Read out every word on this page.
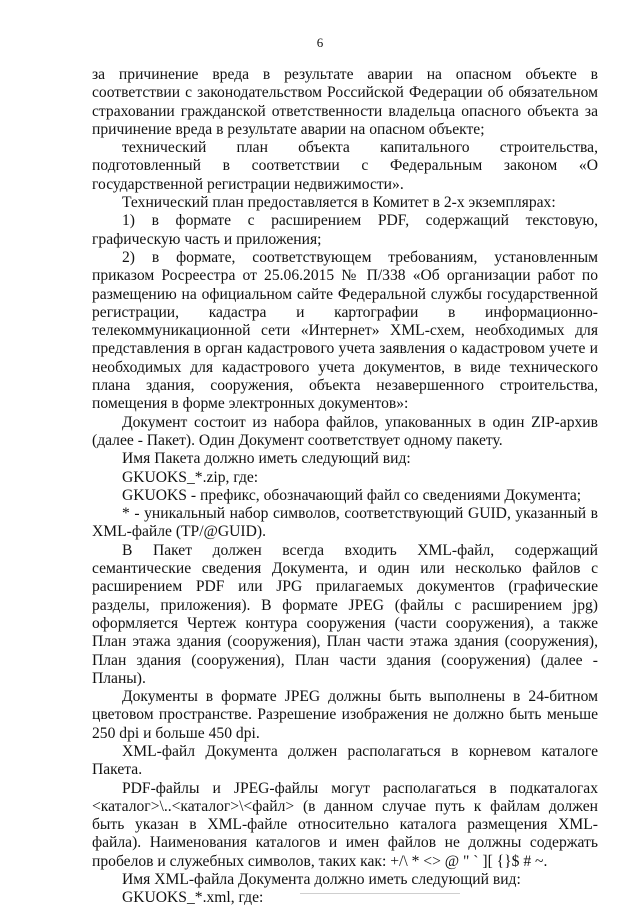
6

за причинение вреда в результате аварии на опасном объекте в соответствии с законодательством Российской Федерации об обязательном страховании гражданской ответственности владельца опасного объекта за причинение вреда в результате аварии на опасном объекте;

технический план объекта капитального строительства, подготовленный в соответствии с Федеральным законом «О государственной регистрации недвижимости».

Технический план предоставляется в Комитет в 2-х экземплярах:

1) в формате с расширением PDF, содержащий текстовую, графическую часть и приложения;

2) в формате, соответствующем требованиям, установленным приказом Росреестра от 25.06.2015 № П/338 «Об организации работ по размещению на официальном сайте Федеральной службы государственной регистрации, кадастра и картографии в информационно-телекоммуникационной сети «Интернет» XML-схем, необходимых для представления в орган кадастрового учета заявления о кадастровом учете и необходимых для кадастрового учета документов, в виде технического плана здания, сооружения, объекта незавершенного строительства, помещения в форме электронных документов»:

Документ состоит из набора файлов, упакованных в один ZIP-архив (далее - Пакет). Один Документ соответствует одному пакету.

Имя Пакета должно иметь следующий вид:

GKUOKS_*.zip, где:

GKUOKS - префикс, обозначающий файл со сведениями Документа;

* - уникальный набор символов, соответствующий GUID, указанный в XML-файле (TP/@GUID).

В Пакет должен всегда входить XML-файл, содержащий семантические сведения Документа, и один или несколько файлов с расширением PDF или JPG прилагаемых документов (графические разделы, приложения). В формате JPEG (файлы с расширением jpg) оформляется Чертеж контура сооружения (части сооружения), а также План этажа здания (сооружения), План части этажа здания (сооружения), План здания (сооружения), План части здания (сооружения) (далее - Планы).

Документы в формате JPEG должны быть выполнены в 24-битном цветовом пространстве. Разрешение изображения не должно быть меньше 250 dpi и больше 450 dpi.

XML-файл Документа должен располагаться в корневом каталоге Пакета.

PDF-файлы и JPEG-файлы могут располагаться в подкаталогах <каталог>\..<каталог>\<файл> (в данном случае путь к файлам должен быть указан в XML-файле относительно каталога размещения XML-файла). Наименования каталогов и имен файлов не должны содержать пробелов и служебных символов, таких как: +/\ * <> @ " ` ][ {}$ # ~.

Имя XML-файла Документа должно иметь следующий вид:

GKUOKS_*.xml, где:
